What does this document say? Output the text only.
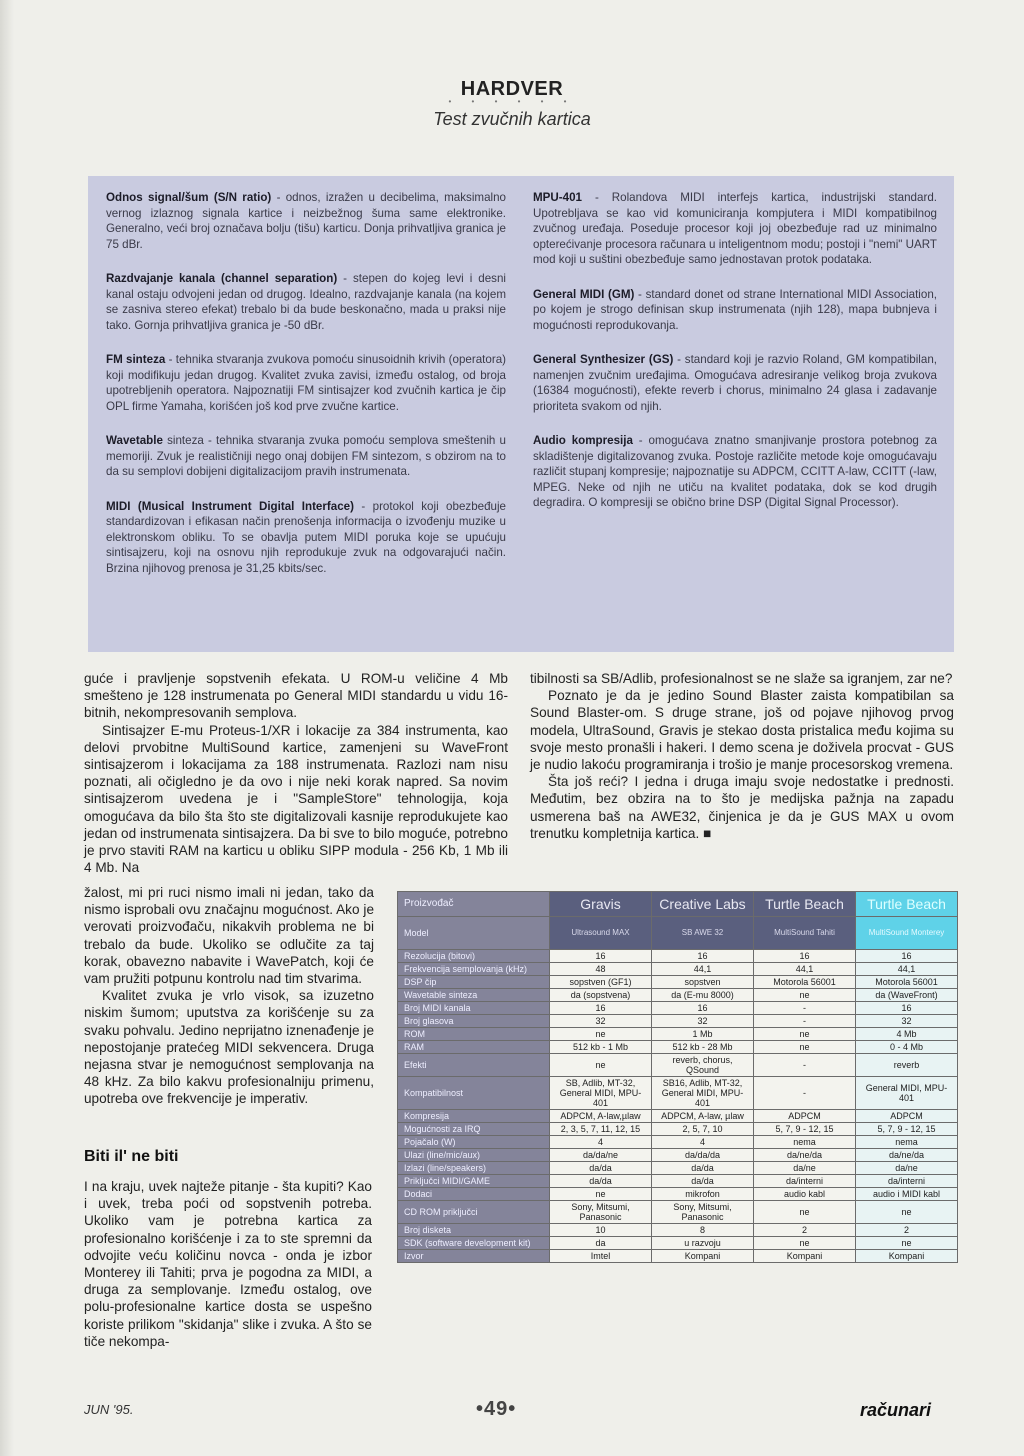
HARDVER
• • • • • •
Test zvučnih kartica
Odnos signal/šum (S/N ratio) - odnos, izražen u decibelima, maksimalno vernog izlaznog signala kartice i neizbežnog šuma same elektronike. Generalno, veći broj označava bolju (tišu) karticu. Donja prihvatljiva granica je 75 dBr.
Razdvajanje kanala (channel separation) - stepen do kojeg levi i desni kanal ostaju odvojeni jedan od drugog. Idealno, razdvajanje kanala (na kojem se zasniva stereo efekat) trebalo bi da bude beskonačno, mada u praksi nije tako. Gornja prihvatljiva granica je -50 dBr.
FM sinteza - tehnika stvaranja zvukova pomoću sinusoidnih krivih (operatora) koji modifikuju jedan drugog. Kvalitet zvuka zavisi, između ostalog, od broja upotrebljenih operatora. Najpoznatiji FM sintisajzer kod zvučnih kartica je čip OPL firme Yamaha, korišćen još kod prve zvučne kartice.
Wavetable sinteza - tehnika stvaranja zvuka pomoću semplova smeštenih u memoriji. Zvuk je realističniji nego onaj dobijen FM sintezom, s obzirom na to da su semplovi dobijeni digitalizacijom pravih instrumenata.
MIDI (Musical Instrument Digital Interface) - protokol koji obezbeđuje standardizovan i efikasan način prenošenja informacija o izvođenju muzike u elektronskom obliku. To se obavlja putem MIDI poruka koje se upućuju sintisajzeru, koji na osnovu njih reprodukuje zvuk na odgovarajući način. Brzina njihovog prenosa je 31,25 kbits/sec.
MPU-401 - Rolandova MIDI interfejs kartica, industrijski standard. Upotrebljava se kao vid komuniciranja kompjutera i MIDI kompatibilnog zvučnog uređaja. Poseduje procesor koji joj obezbeđuje rad uz minimalno opterećivanje procesora računara u inteligentnom modu; postoji i "nemi" UART mod koji u suštini obezbeđuje samo jednostavan protok podataka.
General MIDI (GM) - standard donet od strane International MIDI Association, po kojem je strogo definisan skup instrumenata (njih 128), mapa bubnjeva i mogućnosti reprodukovanja.
General Synthesizer (GS) - standard koji je razvio Roland, GM kompatibilan, namenjen zvučnim uređajima. Omogućava adresiranje velikog broja zvukova (16384 mogućnosti), efekte reverb i chorus, minimalno 24 glasa i zadavanje prioriteta svakom od njih.
Audio kompresija - omogućava znatno smanjivanje prostora potebnog za skladištenje digitalizovanog zvuka. Postoje različite metode koje omogućavaju različit stupanj kompresije; najpoznatije su ADPCM, CCITT A-law, CCITT (-law, MPEG. Neke od njih ne utiču na kvalitet podataka, dok se kod drugih degradira. O kompresiji se obično brine DSP (Digital Signal Processor).

guće i pravljenje sopstvenih efekata. U ROM-u veličine 4 Mb smešteno je 128 instrumenata po General MIDI standardu u vidu 16-bitnih, nekompresovanih semplova.

Sintisajzer E-mu Proteus-1/XR i lokacije za 384 instrumenta, kao delovi prvobitne MultiSound kartice, zamenjeni su WaveFront sintisajzerom i lokacijama za 188 instrumenata. Razlozi nam nisu poznati, ali očigledno je da ovo i nije neki korak napred. Sa novim sintisajzerom uvedena je i "SampleStore" tehnologija, koja omogućava da bilo šta što ste digitalizovali kasnije reprodukujete kao jedan od instrumenata sintisajzera. Da bi sve to bilo moguće, potrebno je prvo staviti RAM na karticu u obliku SIPP modula - 256 Kb, 1 Mb ili 4 Mb. Na

žalost, mi pri ruci nismo imali ni jedan, tako da nismo isprobali ovu značajnu mogućnost. Ako je verovati proizvođaču, nikakvih problema ne bi trebalo da bude. Ukoliko se odlučite za taj korak, obavezno nabavite i WavePatch, koji će vam pružiti potpunu kontrolu nad tim stvarima.

Kvalitet zvuka je vrlo visok, sa izuzetno niskim šumom; uputstva za korišćenje su za svaku pohvalu. Jedino neprijatno iznenađenje je nepostojanje pratećeg MIDI sekvencera. Druga nejasna stvar je nemogućnost semplovanja na 48 kHz. Za bilo kakvu profesionalniju primenu, upotreba ove frekvencije je imperativ.

Biti il' ne biti

I na kraju, uvek najteže pitanje - šta kupiti? Kao i uvek, treba poći od sopstvenih potreba. Ukoliko vam je potrebna kartica za profesionalno korišćenje i za to ste spremni da odvojite veću količinu novca - onda je izbor Monterey ili Tahiti; prva je pogodna za MIDI, a druga za semplovanje. Između ostalog, ove polu-profesionalne kartice dosta se uspešno koriste prilikom "skidanja" slike i zvuka. A što se tiče nekompa-

tibilnosti sa SB/Adlib, profesionalnost se ne slaže sa igranjem, zar ne?

Poznato je da je jedino Sound Blaster zaista kompatibilan sa Sound Blaster-om. S druge strane, još od pojave njihovog prvog modela, UltraSound, Gravis je stekao dosta pristalica među kojima su svoje mesto pronašli i hakeri. I demo scena je doživela procvat - GUS je nudio lakoću programiranja i trošio je manje procesorskog vremena.

Šta još reći? I jedna i druga imaju svoje nedostatke i prednosti. Međutim, bez obzira na to što je medijska pažnja na zapadu usmerena baš na AWE32, činjenica je da je GUS MAX u ovom trenutku kompletnija kartica. ■

Proizvođač	Gravis	Creative Labs	Turtle Beach	Turtle Beach
Model	Ultrasound MAX	SB AWE 32	MultiSound Tahiti	MultiSound Monterey
Rezolucija (bitovi)	16	16	16	16
Frekvencija semplovanja (kHz)	48	44,1	44,1	44,1
DSP čip	sopstven (GF1)	sopstven	Motorola 56001	Motorola 56001
Wavetable sinteza	da (sopstvena)	da (E-mu 8000)	ne	da (WaveFront)
Broj MIDI kanala	16	16	-	16
Broj glasova	32	32	-	32
ROM	ne	1 Mb	ne	4 Mb
RAM	512 kb - 1 Mb	512 kb - 28 Mb	ne	0 - 4 Mb
Efekti	ne	reverb, chorus, QSound	-	reverb
Kompatibilnost	SB, Adlib, MT-32, General MIDI, MPU-401	SB16, Adlib, MT-32, General MIDI, MPU-401	-	General MIDI, MPU-401
Kompresija	ADPCM, A-law,µlaw	ADPCM, A-law, µlaw	ADPCM	ADPCM
Mogućnosti za IRQ	2, 3, 5, 7, 11, 12, 15	2, 5, 7, 10	5, 7, 9 - 12, 15	5, 7, 9 - 12, 15
Pojačalo (W)	4	4	nema	nema
Ulazi (line/mic/aux)	da/da/ne	da/da/da	da/ne/da	da/ne/da
Izlazi (line/speakers)	da/da	da/da	da/ne	da/ne
Priključci MIDI/GAME	da/da	da/da	da/interni	da/interni
Dodaci	ne	mikrofon	audio kabl	audio i MIDI kabl
CD ROM priključci	Sony, Mitsumi, Panasonic	Sony, Mitsumi, Panasonic	ne	ne
Broj disketa	10	8	2	2
SDK (software development kit)	da	u razvoju	ne	ne
Izvor	Imtel	Kompani	Kompani	Kompani
JUN '95.	•49•	računari
